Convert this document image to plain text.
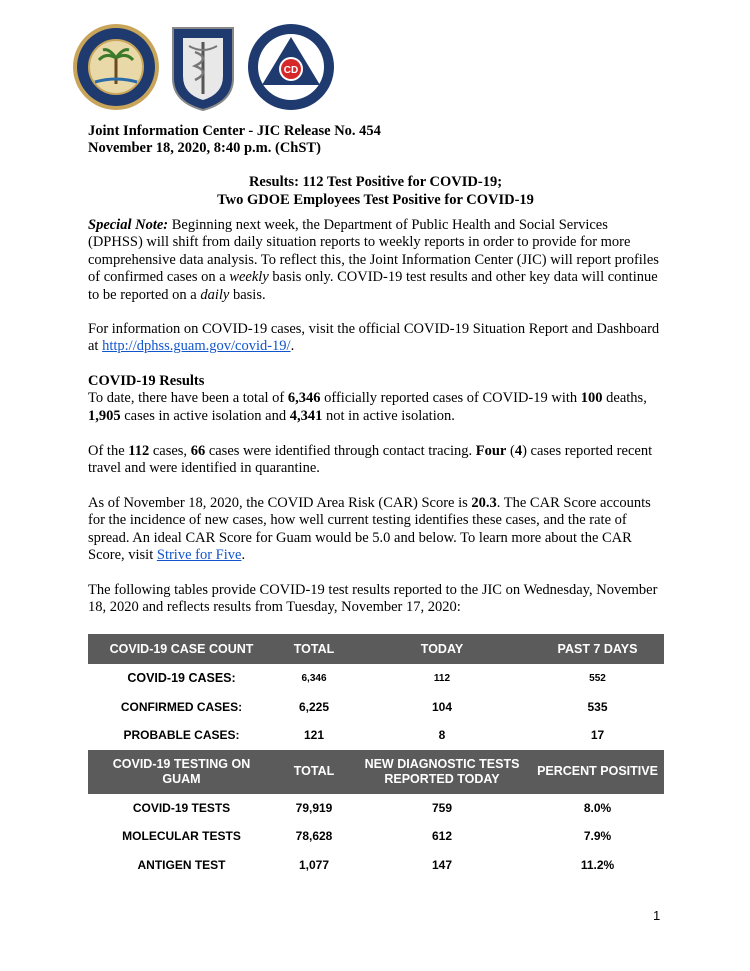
CD
Joint Information Center - JIC Release No. 454
November 18, 2020, 8:40 p.m. (ChST)
Results: 112 Test Positive for COVID-19;
Two GDOE Employees Test Positive for COVID-19
Special Note: Beginning next week, the Department of Public Health and Social Services (DPHSS) will shift from daily situation reports to weekly reports in order to provide for more comprehensive data analysis. To reflect this, the Joint Information Center (JIC) will report profiles of confirmed cases on a weekly basis only. COVID-19 test results and other key data will continue to be reported on a daily basis.
For information on COVID-19 cases, visit the official COVID-19 Situation Report and Dashboard at http://dphss.guam.gov/covid-19/.
COVID-19 Results
To date, there have been a total of 6,346 officially reported cases of COVID-19 with 100 deaths, 1,905 cases in active isolation and 4,341 not in active isolation.
Of the 112 cases, 66 cases were identified through contact tracing. Four (4) cases reported recent travel and were identified in quarantine.
As of November 18, 2020, the COVID Area Risk (CAR) Score is 20.3. The CAR Score accounts for the incidence of new cases, how well current testing identifies these cases, and the rate of spread. An ideal CAR Score for Guam would be 5.0 and below. To learn more about the CAR Score, visit Strive for Five.
The following tables provide COVID-19 test results reported to the JIC on Wednesday, November 18, 2020 and reflects results from Tuesday, November 17, 2020:
COVID-19 CASE COUNT	TOTAL	TODAY	PAST 7 DAYS
COVID-19 CASES:	6,346	112	552
CONFIRMED CASES:	6,225	104	535
PROBABLE CASES:	121	8	17
COVID-19 TESTING ON GUAM	TOTAL	NEW DIAGNOSTIC TESTS REPORTED TODAY	PERCENT POSITIVE
COVID-19 TESTS	79,919	759	8.0%
MOLECULAR TESTS	78,628	612	7.9%
ANTIGEN TEST	1,077	147	11.2%
1
